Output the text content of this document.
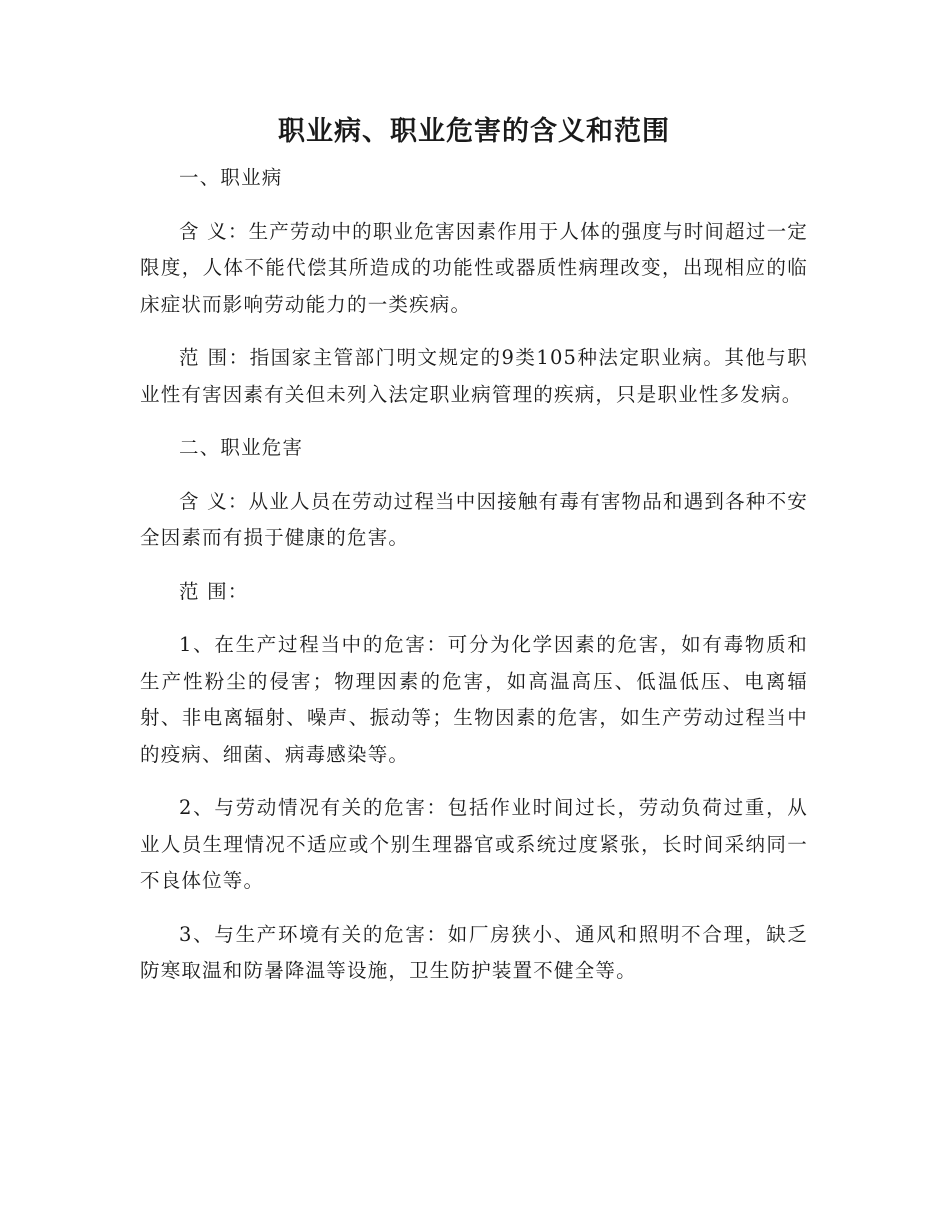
职业病、职业危害的含义和范围

一、职业病

含 义：生产劳动中的职业危害因素作用于人体的强度与时间超过一定限度，人体不能代偿其所造成的功能性或器质性病理改变，出现相应的临床症状而影响劳动能力的一类疾病。

范 围：指国家主管部门明文规定的9类105种法定职业病。其他与职业性有害因素有关但未列入法定职业病管理的疾病，只是职业性多发病。

二、职业危害

含 义：从业人员在劳动过程当中因接触有毒有害物品和遇到各种不安全因素而有损于健康的危害。

范 围：

1、在生产过程当中的危害：可分为化学因素的危害，如有毒物质和生产性粉尘的侵害；物理因素的危害，如高温高压、低温低压、电离辐射、非电离辐射、噪声、振动等；生物因素的危害，如生产劳动过程当中的疫病、细菌、病毒感染等。

2、与劳动情况有关的危害：包括作业时间过长，劳动负荷过重，从业人员生理情况不适应或个别生理器官或系统过度紧张，长时间采纳同一不良体位等。

3、与生产环境有关的危害：如厂房狭小、通风和照明不合理，缺乏防寒取温和防暑降温等设施，卫生防护装置不健全等。
